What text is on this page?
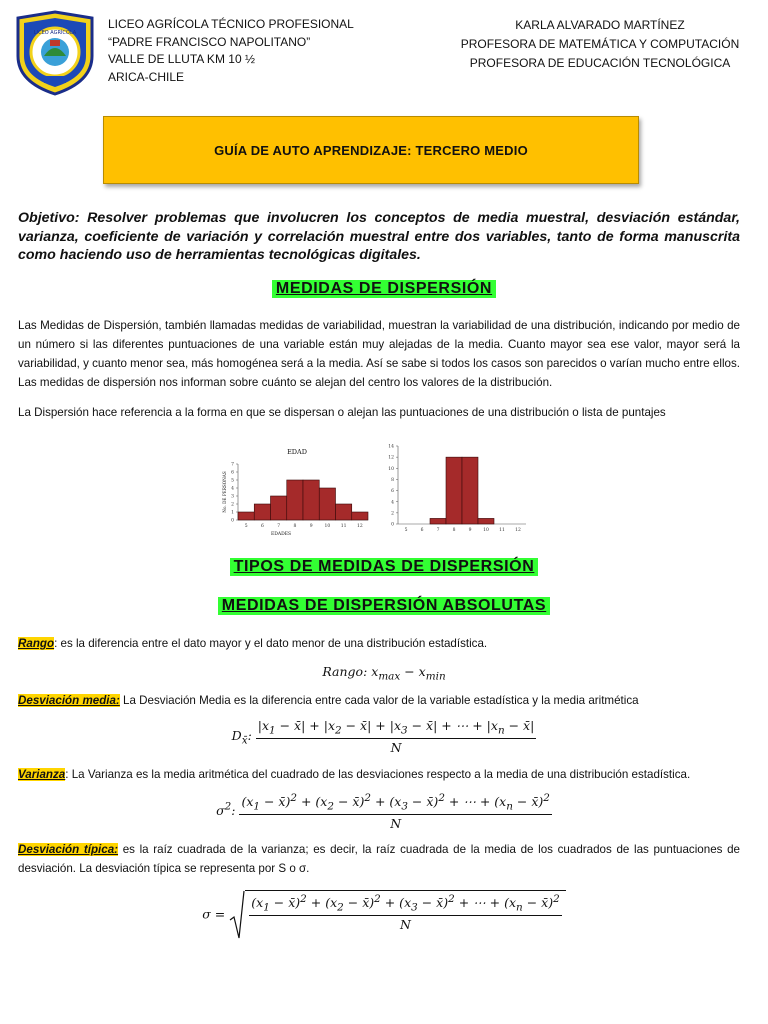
LICEO AGRÍCOLA
LICEO AGRÍCOLA TÉCNICO PROFESIONAL
“PADRE FRANCISCO NAPOLITANO”
VALLE DE LLUTA KM 10 ½
ARICA-CHILE
KARLA ALVARADO MARTÍNEZ
PROFESORA DE MATEMÁTICA Y COMPUTACIÓN
PROFESORA DE EDUCACIÓN TECNOLÓGICA
GUÍA DE AUTO APRENDIZAJE: TERCERO MEDIO
Objetivo: Resolver problemas que involucren los conceptos de media muestral, desviación estándar, varianza, coeficiente de variación y correlación muestral entre dos variables, tanto de forma manuscrita como haciendo uso de herramientas tecnológicas digitales.
MEDIDAS DE DISPERSIÓN
Las Medidas de Dispersión, también llamadas medidas de variabilidad, muestran la variabilidad de una distribución, indicando por medio de un número si las diferentes puntuaciones de una variable están muy alejadas de la media. Cuanto mayor sea ese valor, mayor será la variabilidad, y cuanto menor sea, más homogénea será a la media. Así se sabe si todos los casos son parecidos o varían mucho entre ellos. Las medidas de dispersión nos informan sobre cuánto se alejan del centro los valores de la distribución.
La Dispersión hace referencia a la forma en que se dispersan o alejan las puntuaciones de una distribución o lista de puntajes
0
1
2
3
4
5
6
7
5	6	7	8	9	10 11 12
EDAD
EDADES
No. DE PERSONAS
0
2
4
6
8
10
12
14
5	6	7	8	9	10 11 12
TIPOS DE MEDIDAS DE DISPERSIÓN
MEDIDAS DE DISPERSIÓN ABSOLUTAS
Rango: es la diferencia entre el dato mayor y el dato menor de una distribución estadística.
Rango: $x_{max} - x_{min}$
Desviación media: La Desviación Media es la diferencia entre cada valor de la variable estadística y la media aritmética
$D_{x̄}$: $\frac{|x_1 - x̄| + |x_2 - x̄| + |x_3 - x̄| + \cdots + |x_n - x̄|}{N}$
Varianza: La Varianza es la media aritmética del cuadrado de las desviaciones respecto a la media de una distribución estadística.
$\sigma^2$: $\frac{(x_1 - x̄)^2 + (x_2 - x̄)^2 + (x_3 - x̄)^2 + \cdots + (x_n - x̄)^2}{N}$
Desviación típica: es la raíz cuadrada de la varianza; es decir, la raíz cuadrada de la media de los cuadrados de las puntuaciones de desviación. La desviación típica se representa por S o σ.
$\sigma = \frac{(x_1 - x̄)^2 + (x_2 - x̄)^2 + (x_3 - x̄)^2 + \cdots + (x_n - x̄)^2}{N}$
